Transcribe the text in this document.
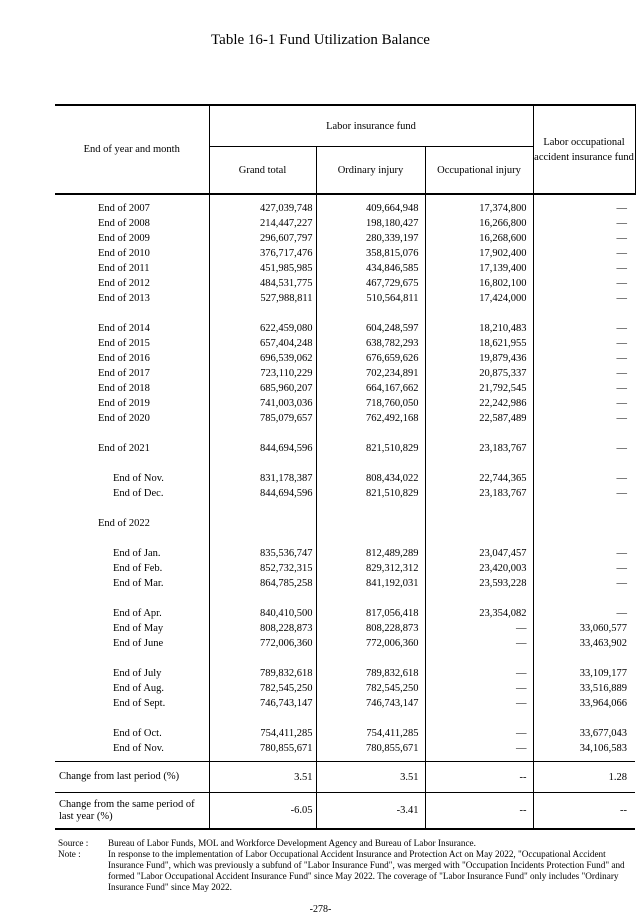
Table 16-1 Fund Utilization Balance
End of year and month	Labor insurance fund			Labor occupational accident insurance fund
	Grand total	Ordinary injury	Occupational injury	

End of 2007	427,039,748	409,664,948	17,374,800	—
End of 2008	214,447,227	198,180,427	16,266,800	—
End of 2009	296,607,797	280,339,197	16,268,600	—
End of 2010	376,717,476	358,815,076	17,902,400	—
End of 2011	451,985,985	434,846,585	17,139,400	—
End of 2012	484,531,775	467,729,675	16,802,100	—
End of 2013	527,988,811	510,564,811	17,424,000	—

End of 2014	622,459,080	604,248,597	18,210,483	—
End of 2015	657,404,248	638,782,293	18,621,955	—
End of 2016	696,539,062	676,659,626	19,879,436	—
End of 2017	723,110,229	702,234,891	20,875,337	—
End of 2018	685,960,207	664,167,662	21,792,545	—
End of 2019	741,003,036	718,760,050	22,242,986	—
End of 2020	785,079,657	762,492,168	22,587,489	—

End of 2021	844,694,596	821,510,829	23,183,767	—

End of Nov.	831,178,387	808,434,022	22,744,365	—
End of Dec.	844,694,596	821,510,829	23,183,767	—

End of 2022				

End of Jan.	835,536,747	812,489,289	23,047,457	—
End of Feb.	852,732,315	829,312,312	23,420,003	—
End of Mar.	864,785,258	841,192,031	23,593,228	—

End of Apr.	840,410,500	817,056,418	23,354,082	—
End of May	808,228,873	808,228,873	—	33,060,577
End of June	772,006,360	772,006,360	—	33,463,902

End of July	789,832,618	789,832,618	—	33,109,177
End of Aug.	782,545,250	782,545,250	—	33,516,889
End of Sept.	746,743,147	746,743,147	—	33,964,066

End of Oct.	754,411,285	754,411,285	—	33,677,043
End of Nov.	780,855,671	780,855,671	—	34,106,583

Change from last period (%)	3.51	3.51	--	1.28
Change from the same period of last year (%)	-6.05	-3.41	--	--
Source :	Bureau of Labor Funds, MOL and Workforce Development Agency and Bureau of Labor Insurance.
Note :	In response to the implementation of Labor Occupational Accident Insurance and Protection Act on May 2022, "Occupational Accident Insurance Fund", which was previously a subfund of "Labor Insurance Fund", was merged with "Occupation Incidents Protection Fund" and formed "Labor Occupational Accident Insurance Fund" since May 2022. The coverage of "Labor Insurance Fund" only includes "Ordinary Insurance Fund" since May 2022.
-278-
